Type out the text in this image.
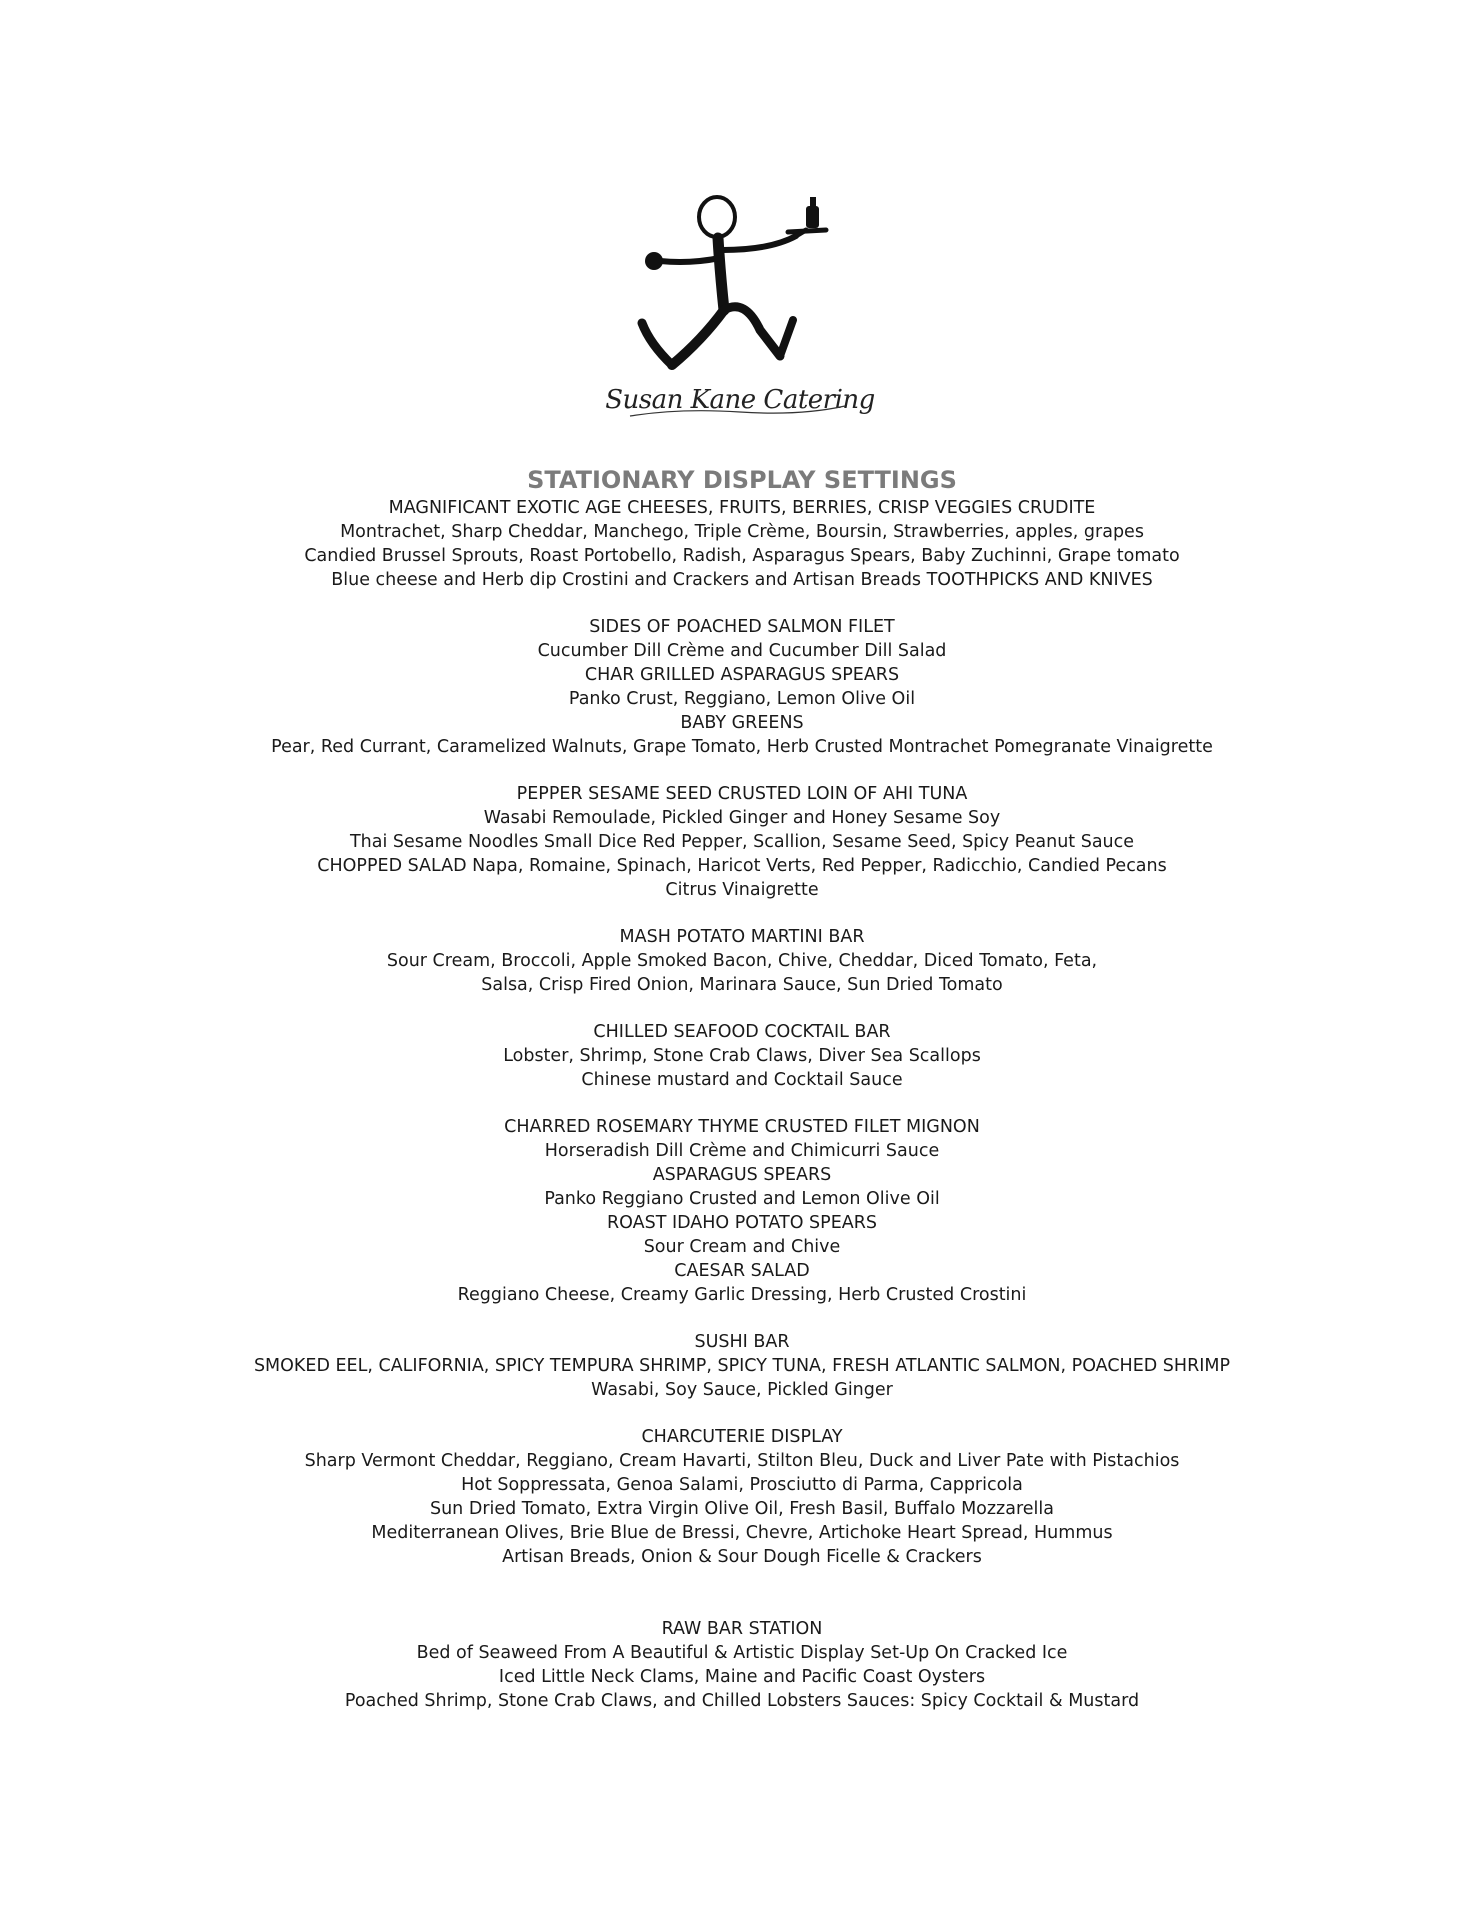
Susan Kane Catering

STATIONARY DISPLAY SETTINGS

MAGNIFICANT EXOTIC AGE CHEESES, FRUITS, BERRIES, CRISP VEGGIES CRUDITE

Montrachet, Sharp Cheddar, Manchego, Triple Crème, Boursin, Strawberries, apples, grapes

Candied Brussel Sprouts, Roast Portobello, Radish, Asparagus Spears, Baby Zuchinni, Grape tomato

Blue cheese and Herb dip Crostini and Crackers and Artisan Breads TOOTHPICKS AND KNIVES

SIDES OF POACHED SALMON FILET

Cucumber Dill Crème and Cucumber Dill Salad

CHAR GRILLED ASPARAGUS SPEARS

Panko Crust, Reggiano, Lemon Olive Oil

BABY GREENS

Pear, Red Currant, Caramelized Walnuts, Grape Tomato, Herb Crusted Montrachet Pomegranate Vinaigrette

PEPPER SESAME SEED CRUSTED LOIN OF AHI TUNA

Wasabi Remoulade, Pickled Ginger and Honey Sesame Soy

Thai Sesame Noodles Small Dice Red Pepper, Scallion, Sesame Seed, Spicy Peanut Sauce

CHOPPED SALAD Napa, Romaine, Spinach, Haricot Verts, Red Pepper, Radicchio, Candied Pecans

Citrus Vinaigrette

MASH POTATO MARTINI BAR

Sour Cream, Broccoli, Apple Smoked Bacon, Chive, Cheddar, Diced Tomato, Feta,

Salsa, Crisp Fired Onion, Marinara Sauce, Sun Dried Tomato

CHILLED SEAFOOD COCKTAIL BAR

Lobster, Shrimp, Stone Crab Claws, Diver Sea Scallops

Chinese mustard and Cocktail Sauce

CHARRED ROSEMARY THYME CRUSTED FILET MIGNON

Horseradish Dill Crème and Chimicurri Sauce

ASPARAGUS SPEARS

Panko Reggiano Crusted and Lemon Olive Oil

ROAST IDAHO POTATO SPEARS

Sour Cream and Chive

CAESAR SALAD

Reggiano Cheese, Creamy Garlic Dressing, Herb Crusted Crostini

SUSHI BAR

SMOKED EEL, CALIFORNIA, SPICY TEMPURA SHRIMP, SPICY TUNA, FRESH ATLANTIC SALMON, POACHED SHRIMP

Wasabi, Soy Sauce, Pickled Ginger

CHARCUTERIE DISPLAY

Sharp Vermont Cheddar, Reggiano, Cream Havarti, Stilton Bleu, Duck and Liver Pate with Pistachios

Hot Soppressata, Genoa Salami, Prosciutto di Parma, Cappricola

Sun Dried Tomato, Extra Virgin Olive Oil, Fresh Basil, Buffalo Mozzarella

Mediterranean Olives, Brie Blue de Bressi, Chevre, Artichoke Heart Spread, Hummus

Artisan Breads, Onion & Sour Dough Ficelle & Crackers

RAW BAR STATION

Bed of Seaweed From A Beautiful & Artistic Display Set-Up On Cracked Ice

Iced Little Neck Clams, Maine and Pacific Coast Oysters

Poached Shrimp, Stone Crab Claws, and Chilled Lobsters Sauces: Spicy Cocktail & Mustard
